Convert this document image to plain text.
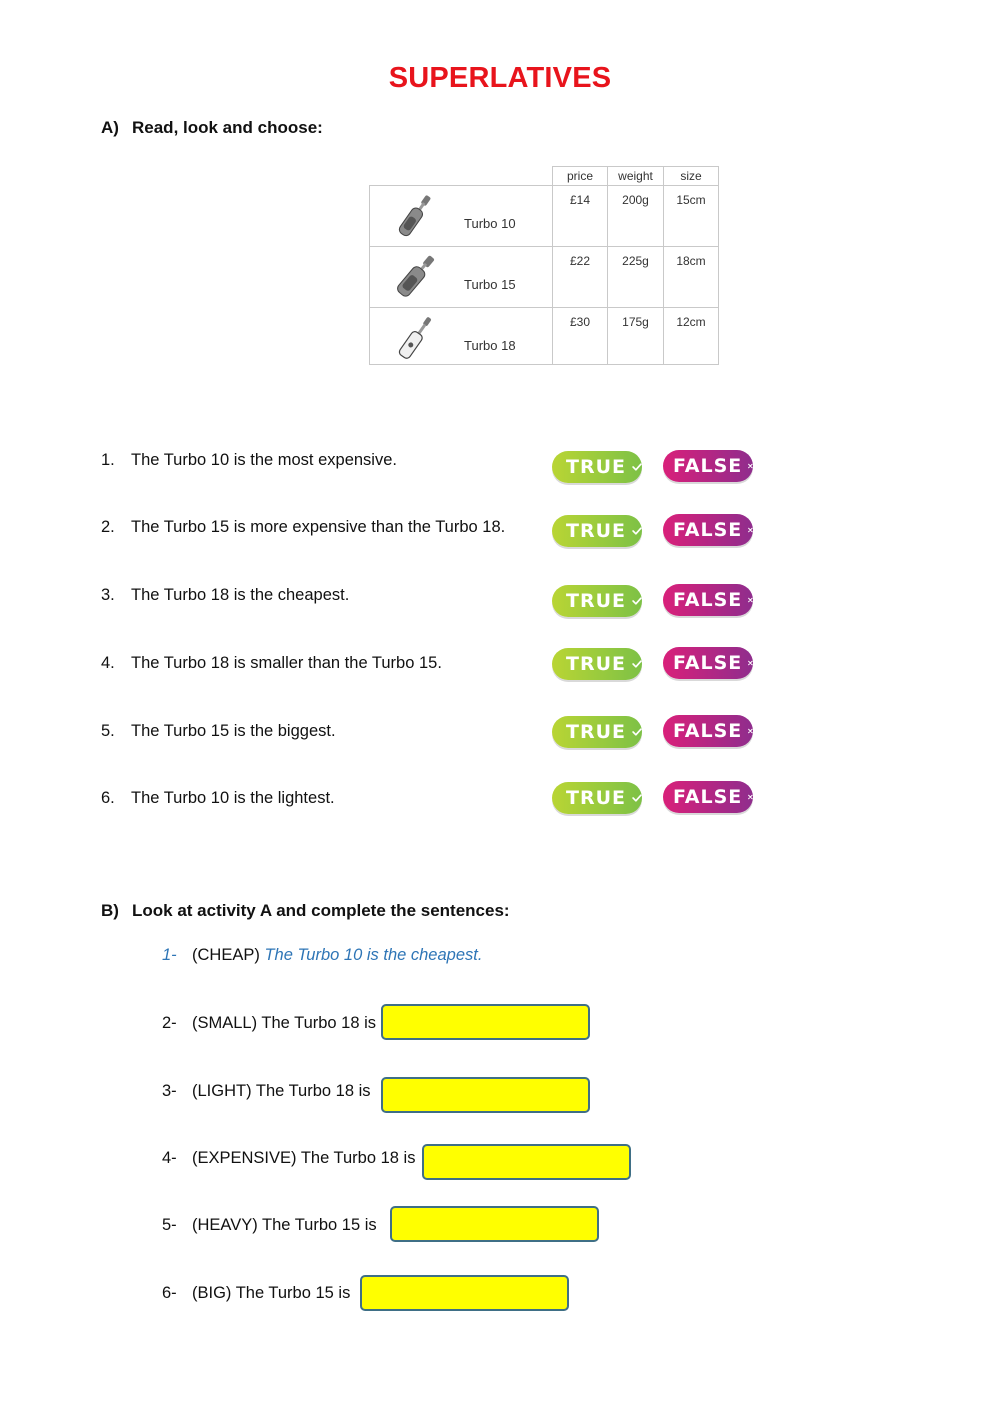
SUPERLATIVES
A) Read, look and choose:
	price	weight	size

Turbo 10	£14	200g	15cm

Turbo 15	£22	225g	18cm

Turbo 18	£30	175g	12cm
1. The Turbo 10 is the most expensive.
2. The Turbo 15 is more expensive than the Turbo 18.
3. The Turbo 18 is the cheapest.
4. The Turbo 18 is smaller than the Turbo 15.
5. The Turbo 15 is the biggest.
6. The Turbo 10 is the lightest.
TRUE FALSE
TRUE FALSE
TRUE FALSE
TRUE FALSE
TRUE FALSE
TRUE FALSE
B) Look at activity A and complete the sentences:
1- (CHEAP) The Turbo 10 is the cheapest.
2- (SMALL) The Turbo 18 is
3- (LIGHT) The Turbo 18 is
4- (EXPENSIVE) The Turbo 18 is
5- (HEAVY) The Turbo 15 is
6- (BIG) The Turbo 15 is
